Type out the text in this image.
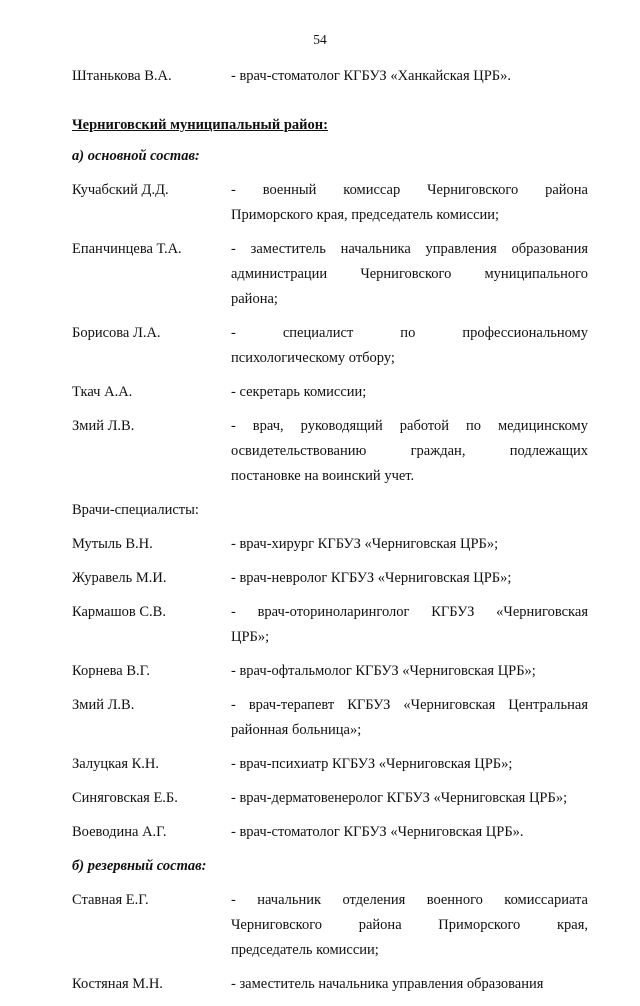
54
Штанькова В.А.	- врач-стоматолог КГБУЗ «Ханкайская ЦРБ».
Черниговский муниципальный район:
а) основной состав:
Кучабский Д.Д.	- военный комиссар Черниговского района
Приморского края, председатель комиссии;
Епанчинцева Т.А.	- заместитель начальника управления образования
администрации Черниговского муниципального
района;
Борисова Л.А.	- специалист по профессиональному
психологическому отбору;
Ткач А.А.	- секретарь комиссии;
Змий Л.В.	- врач, руководящий работой по медицинскому
освидетельствованию граждан, подлежащих
постановке на воинский учет.
Врачи-специалисты:
Мутыль В.Н.	- врач-хирург КГБУЗ «Черниговская ЦРБ»;
Журавель М.И.	- врач-невролог КГБУЗ «Черниговская ЦРБ»;
Кармашов С.В.	- врач-оториноларинголог КГБУЗ «Черниговская
ЦРБ»;
Корнева В.Г.	- врач-офтальмолог КГБУЗ «Черниговская ЦРБ»;
Змий Л.В.	- врач-терапевт КГБУЗ «Черниговская Центральная
районная больница»;
Залуцкая К.Н.	- врач-психиатр КГБУЗ «Черниговская ЦРБ»;
Синяговская Е.Б.	- врач-дерматовенеролог КГБУЗ «Черниговская ЦРБ»;
Воеводина А.Г.	- врач-стоматолог КГБУЗ «Черниговская ЦРБ».
б) резервный состав:
Ставная Е.Г.	- начальник отделения военного комиссариата
Черниговского района Приморского края,
председатель комиссии;
Костяная М.Н.	- заместитель начальника управления образования
